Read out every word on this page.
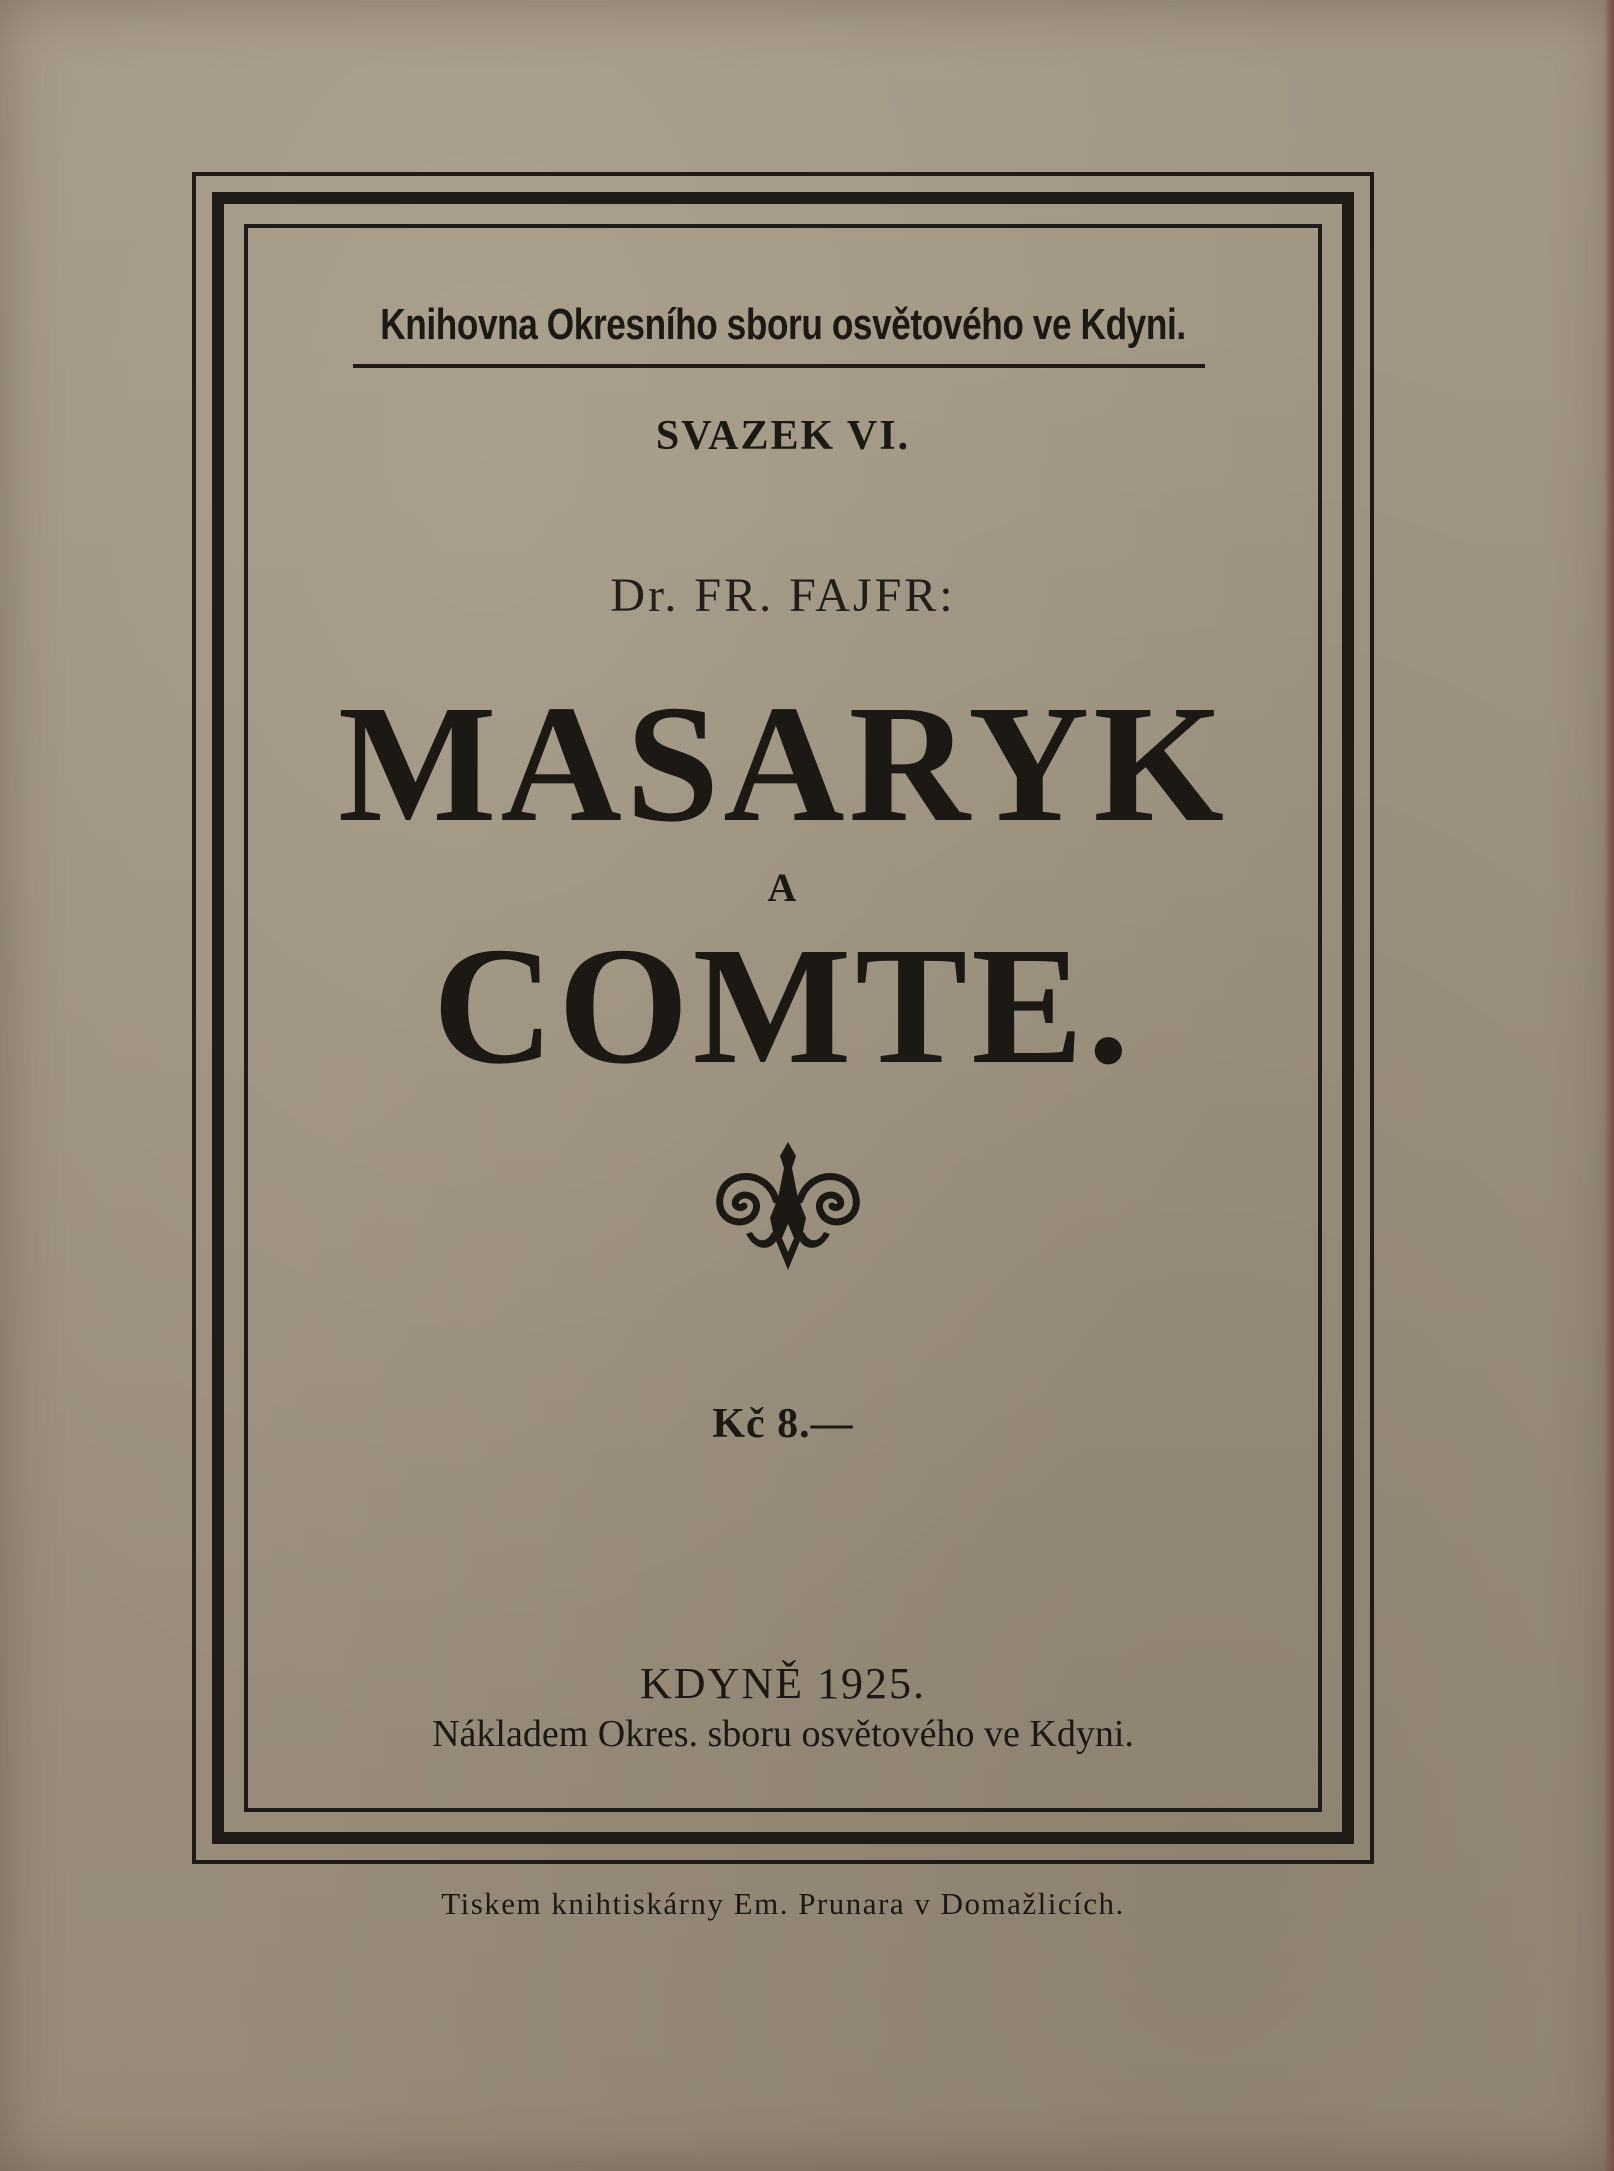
Knihovna Okresního sboru osvětového ve Kdyni.
SVAZEK VI.
Dr. FR. FAJFR:
MASARYK
A
COMTE.
Kč 8.—
KDYNĚ 1925.
Nákladem Okres. sboru osvětového ve Kdyni.
Tiskem knihtiskárny Em. Prunara v Domažlicích.
